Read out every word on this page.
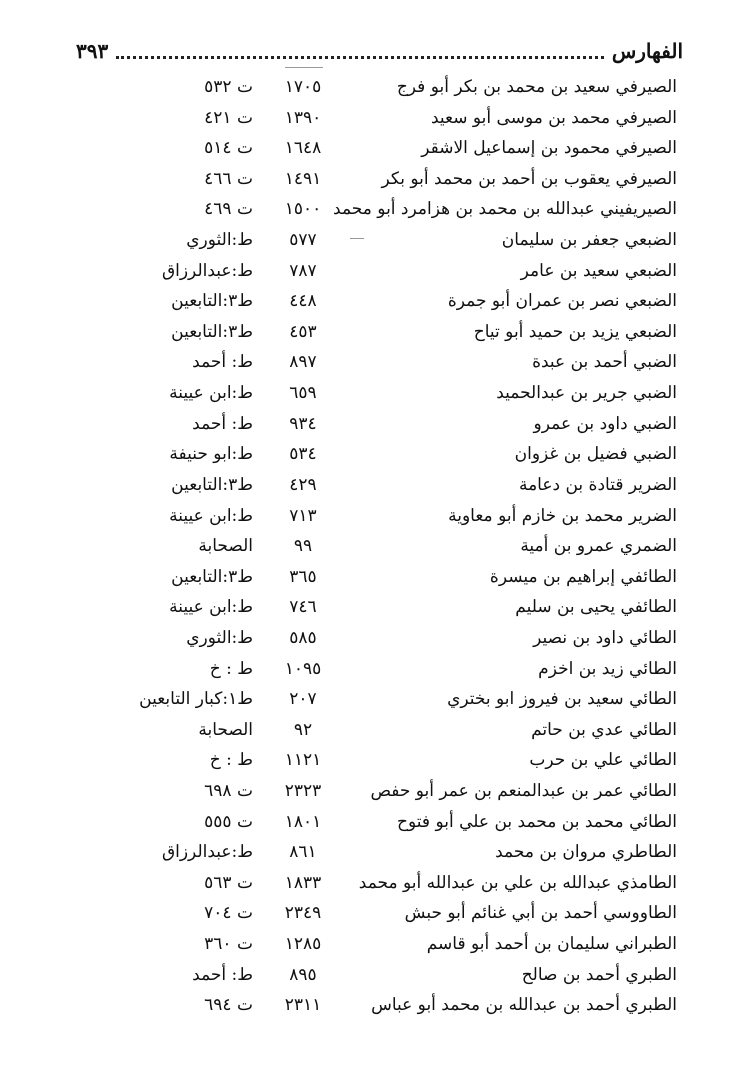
الفهارس
٣٩٣
الصيرفي سعيد بن محمد بن بكر أبو فرج
١٧٠٥
ت ٥٣٢
الصيرفي محمد بن موسى أبو سعيد
١٣٩٠
ت ٤٢١
الصيرفي محمود بن إسماعيل الاشقر
١٦٤٨
ت ٥١٤
الصيرفي يعقوب بن أحمد بن محمد أبو بكر
١٤٩١
ت ٤٦٦
الصيريفيني عبدالله بن محمد بن هزامرد أبو محمد
١٥٠٠
ت ٤٦٩
الضبعي جعفر بن سليمان
٥٧٧
ط:الثوري
الضبعي سعيد بن عامر
٧٨٧
ط:عبدالرزاق
الضبعي نصر بن عمران أبو جمرة
٤٤٨
ط٣:التابعين
الضبعي يزيد بن حميد أبو تياح
٤٥٣
ط٣:التابعين
الضبي أحمد بن عبدة
٨٩٧
ط: أحمد
الضبي جرير بن عبدالحميد
٦٥٩
ط:ابن عيينة
الضبي داود بن عمرو
٩٣٤
ط: أحمد
الضبي فضيل بن غزوان
٥٣٤
ط:ابو حنيفة
الضرير قتادة بن دعامة
٤٢٩
ط٣:التابعين
الضرير محمد بن خازم أبو معاوية
٧١٣
ط:ابن عيينة
الضمري عمرو بن أمية
٩٩
الصحابة
الطائفي إبراهيم بن ميسرة
٣٦٥
ط٣:التابعين
الطائفي يحيى بن سليم
٧٤٦
ط:ابن عيينة
الطائي داود بن نصير
٥٨٥
ط:الثوري
الطائي زيد بن اخزم
١٠٩٥
ط : خ
الطائي سعيد بن فيروز ابو بختري
٢٠٧
ط١:كبار التابعين
الطائي عدي بن حاتم
٩٢
الصحابة
الطائي علي بن حرب
١١٢١
ط : خ
الطائي عمر بن عبدالمنعم بن عمر أبو حفص
٢٣٢٣
ت ٦٩٨
الطائي محمد بن محمد بن علي أبو فتوح
١٨٠١
ت ٥٥٥
الطاطري مروان بن محمد
٨٦١
ط:عبدالرزاق
الطامذي عبدالله بن علي بن عبدالله أبو محمد
١٨٣٣
ت ٥٦٣
الطاووسي أحمد بن أبي غنائم أبو حبش
٢٣٤٩
ت ٧٠٤
الطبراني سليمان بن أحمد أبو قاسم
١٢٨٥
ت ٣٦٠
الطبري أحمد بن صالح
٨٩٥
ط: أحمد
الطبري أحمد بن عبدالله بن محمد أبو عباس
٢٣١١
ت ٦٩٤
